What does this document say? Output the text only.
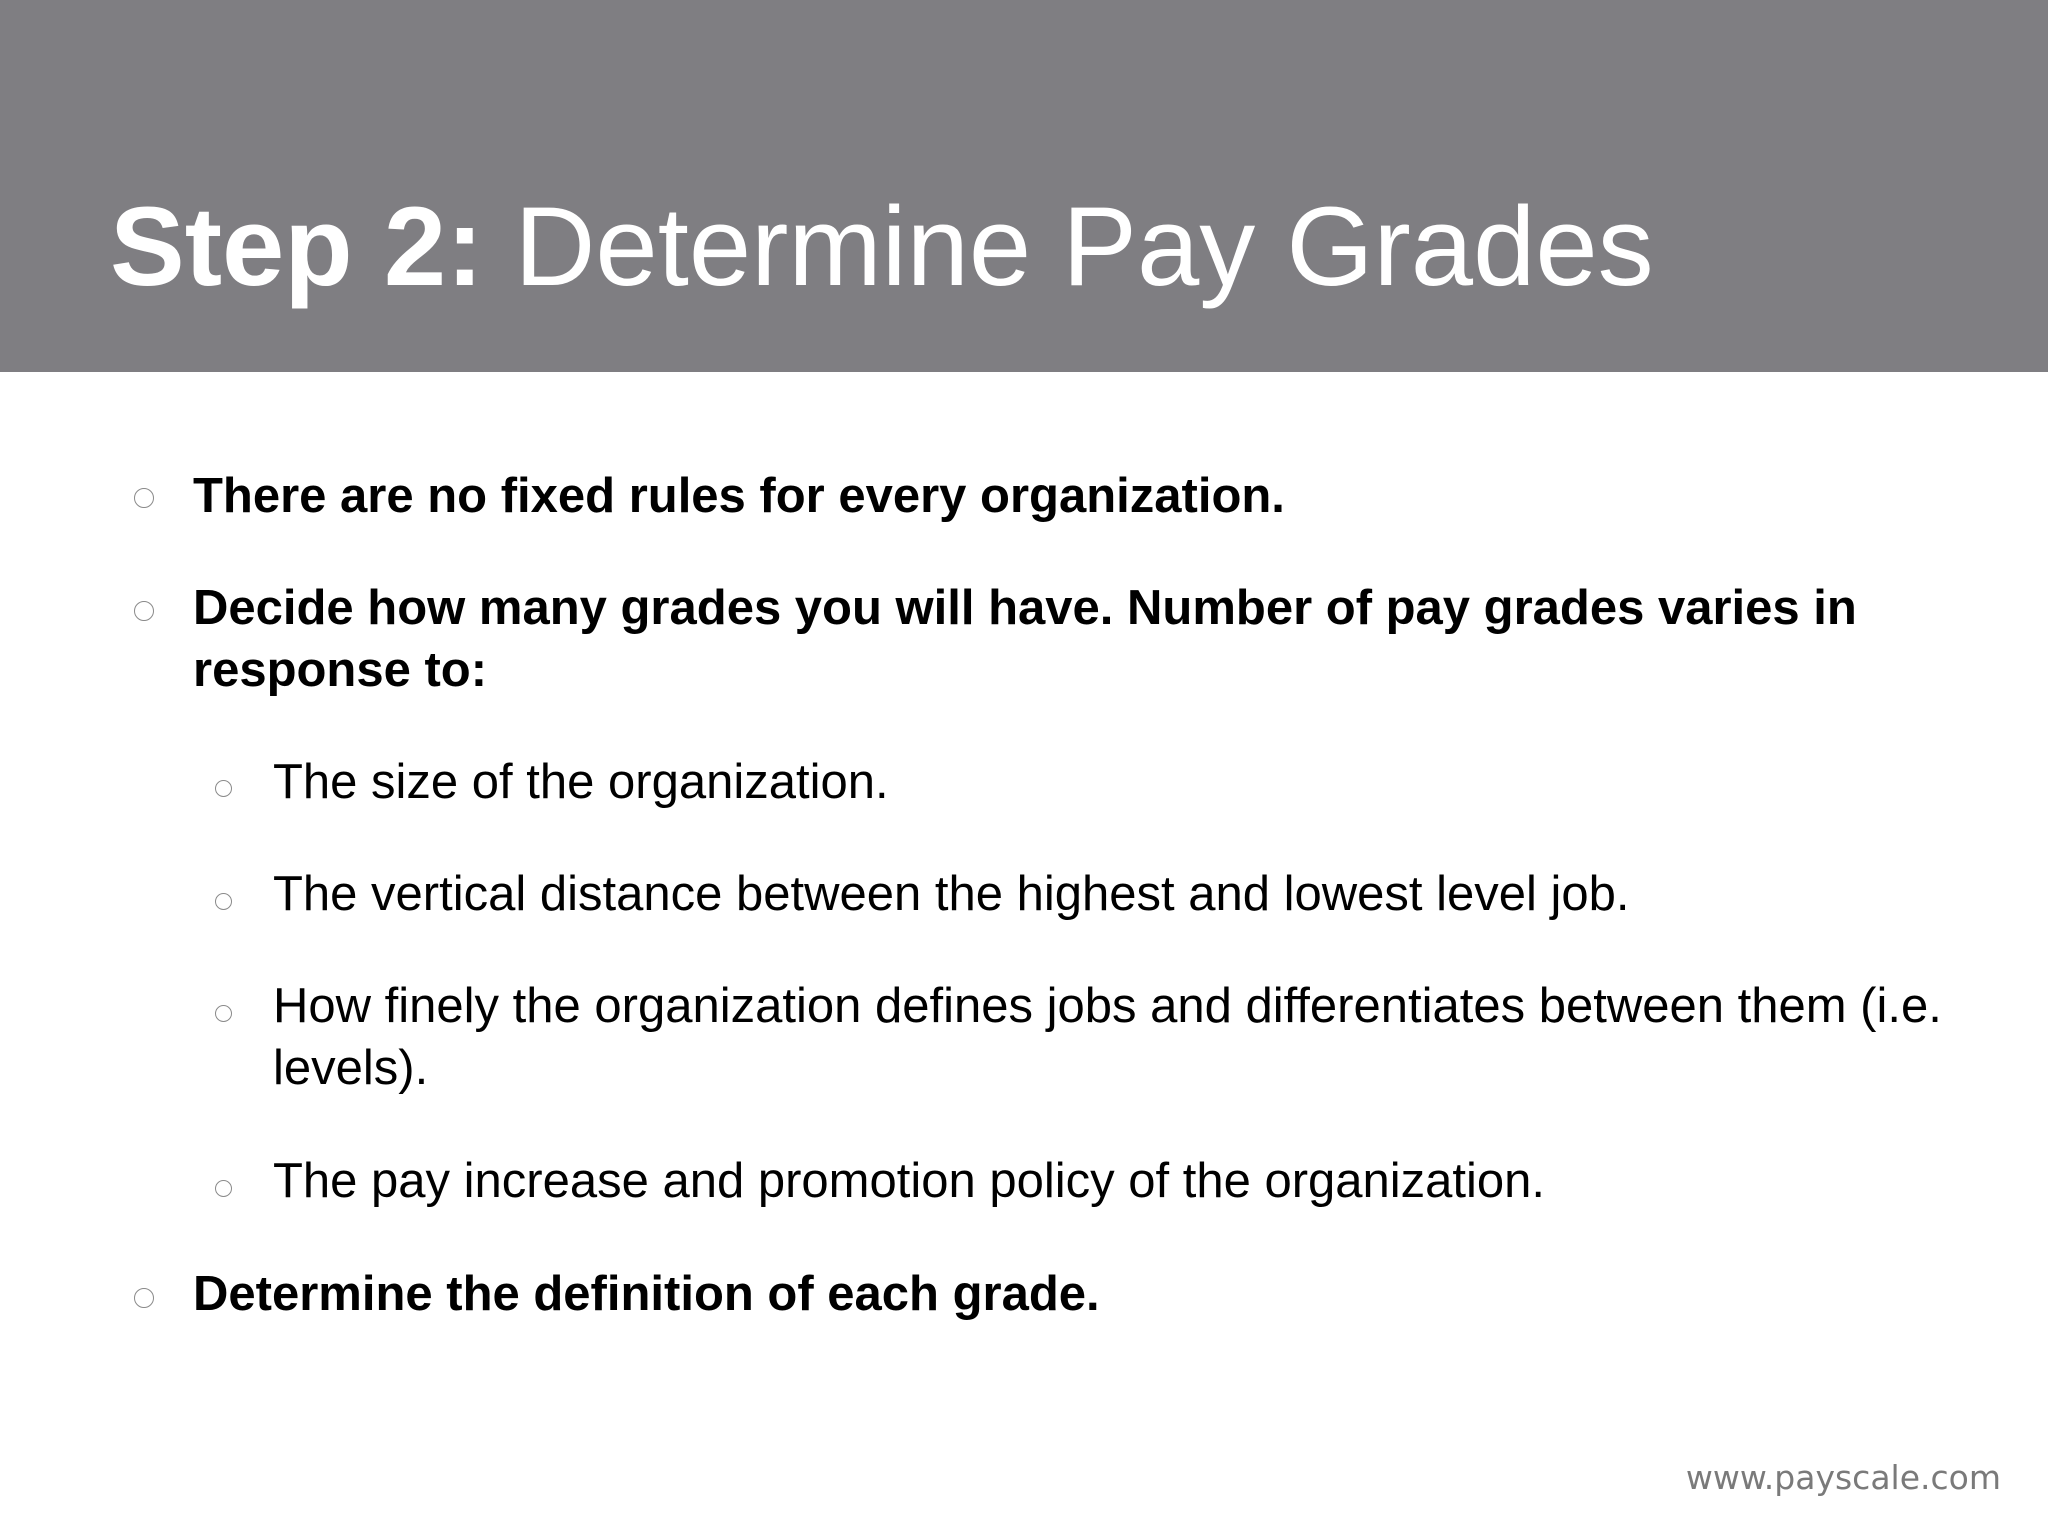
Step 2: Determine Pay Grades
There are no fixed rules for every organization.
Decide how many grades you will have. Number of pay grades varies in response to:
The size of the organization.
The vertical distance between the highest and lowest level job.
How finely the organization defines jobs and differentiates between them (i.e. levels).
The pay increase and promotion policy of the organization.
Determine the definition of each grade.
www.payscale.com
